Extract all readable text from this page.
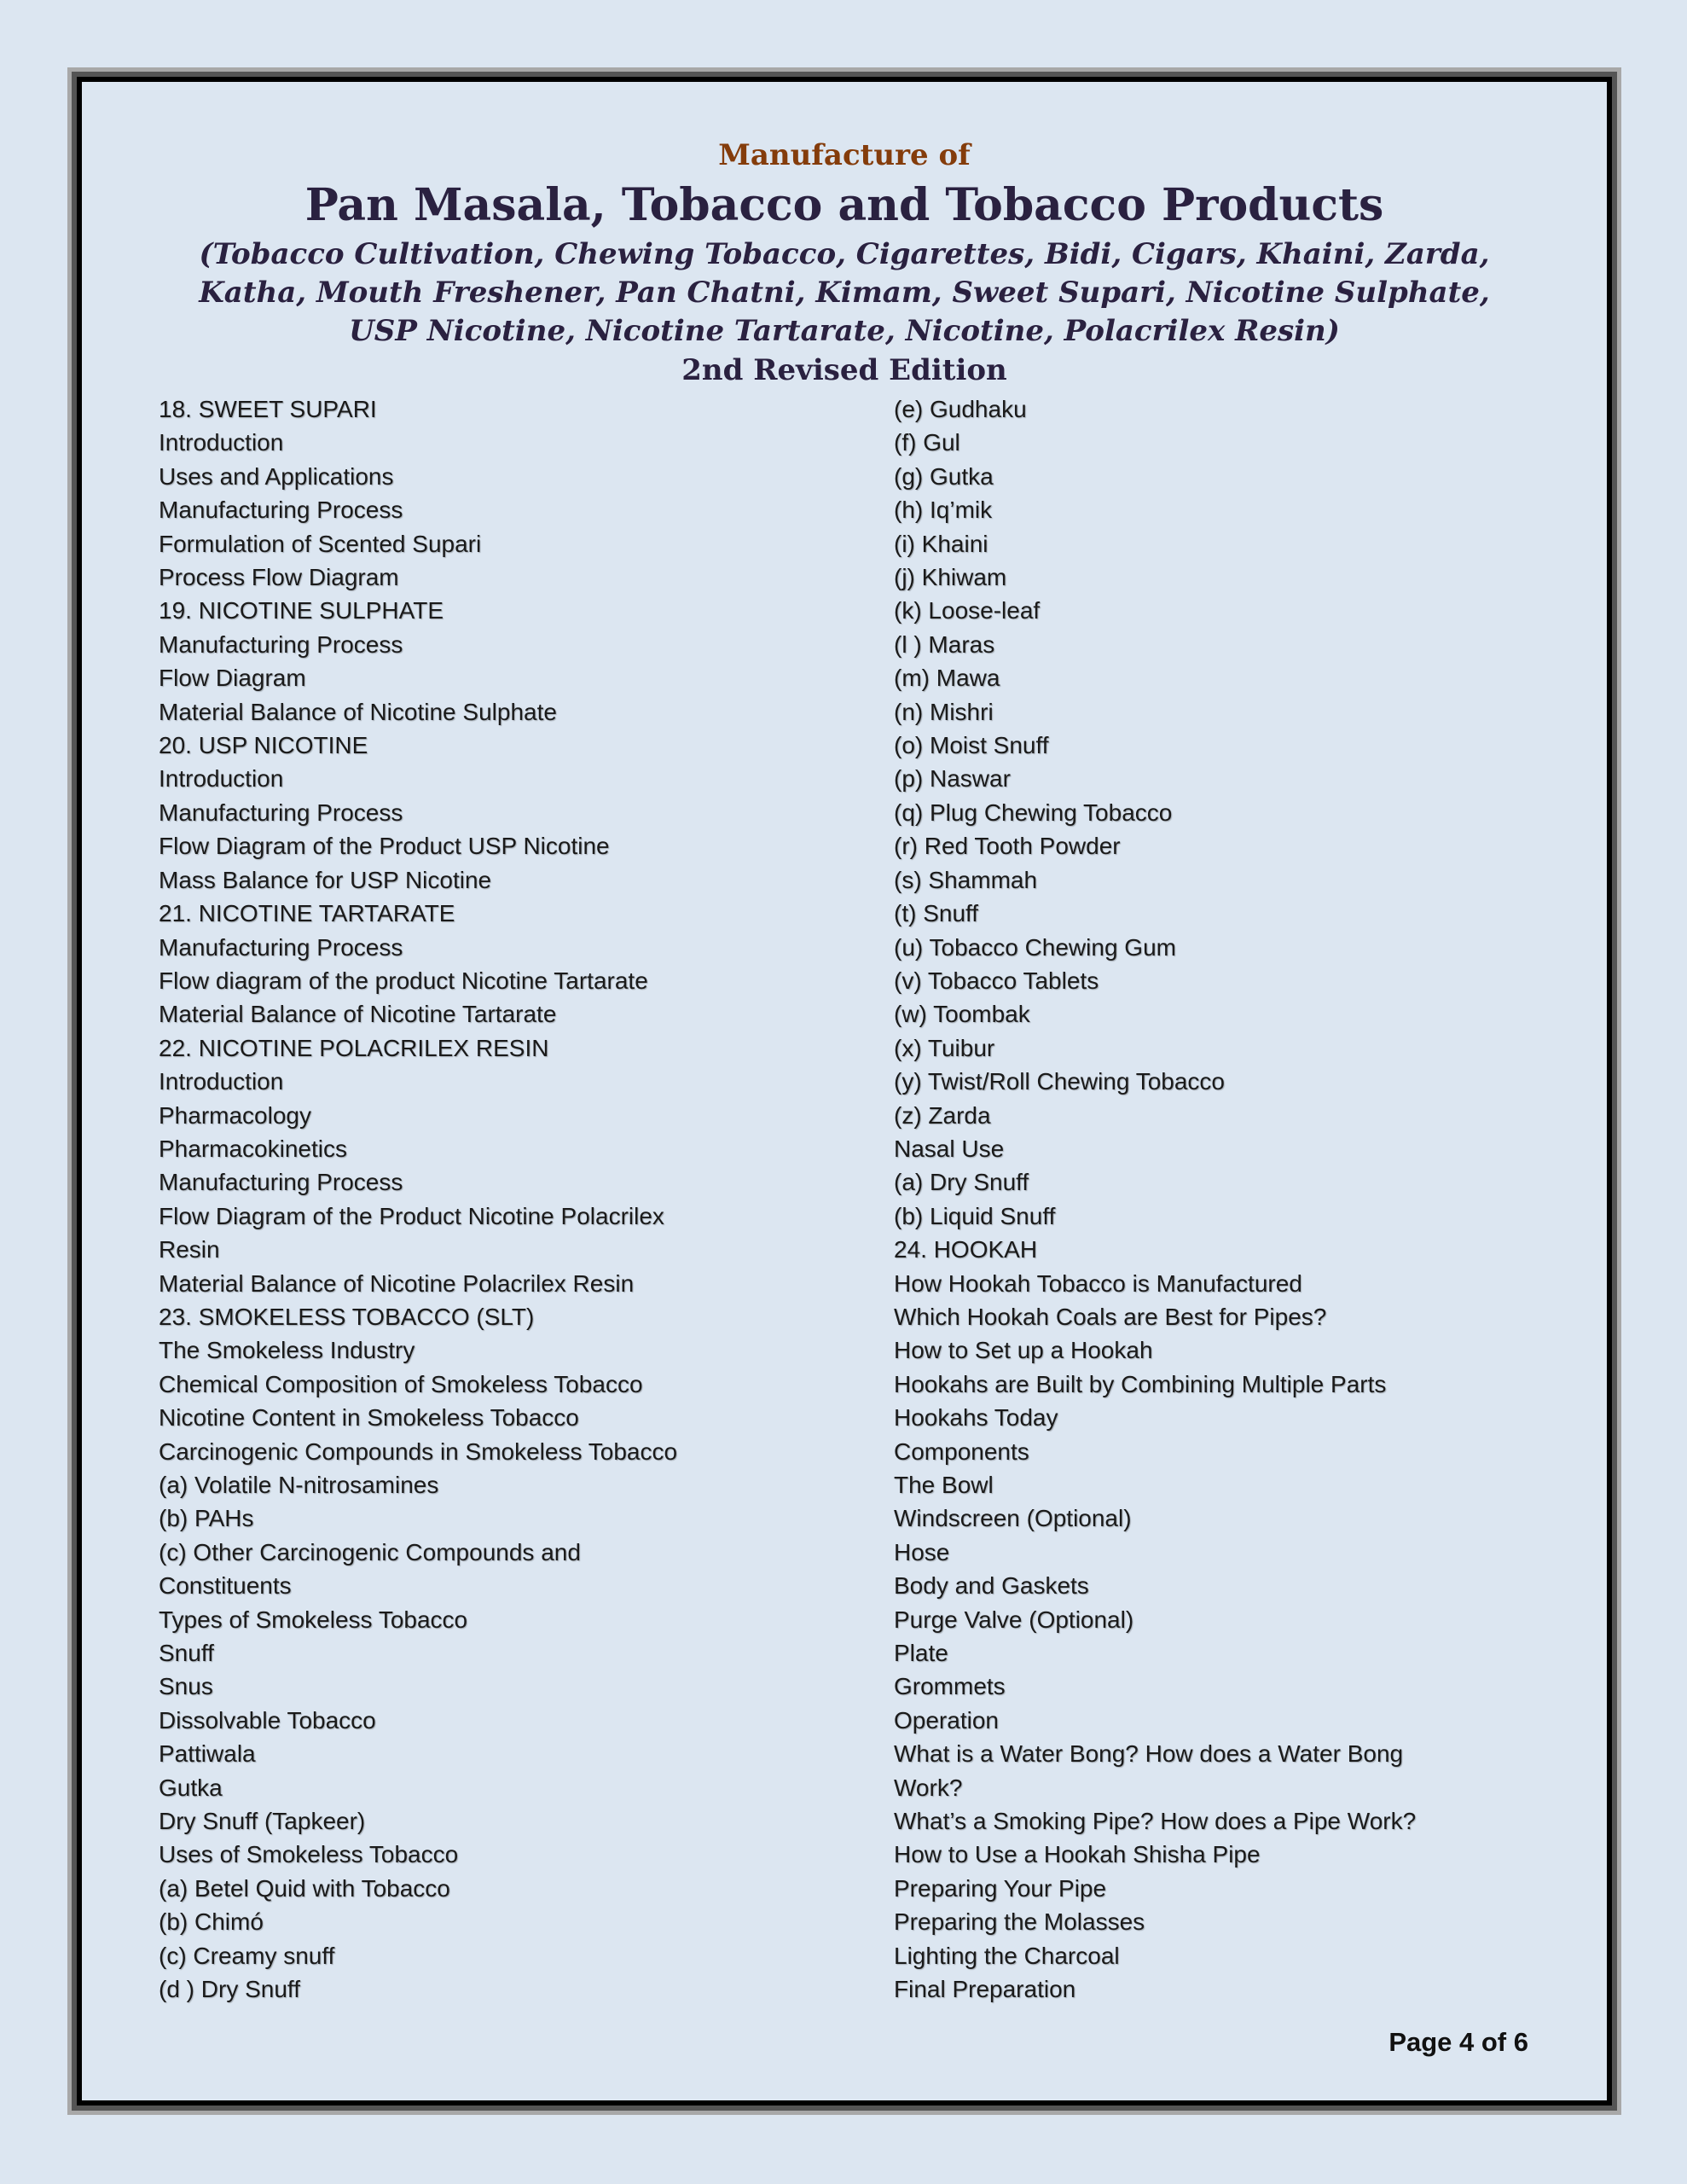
Manufacture of
Pan Masala, Tobacco and Tobacco Products
(Tobacco Cultivation, Chewing Tobacco, Cigarettes, Bidi, Cigars, Khaini, Zarda, Katha, Mouth Freshener, Pan Chatni, Kimam, Sweet Supari, Nicotine Sulphate, USP Nicotine, Nicotine Tartarate, Nicotine, Polacrilex Resin)
2nd Revised Edition
18. SWEET SUPARI
Introduction
Uses and Applications
Manufacturing Process
Formulation of Scented Supari
Process Flow Diagram
19. NICOTINE SULPHATE
Manufacturing Process
Flow Diagram
Material Balance of Nicotine Sulphate
20. USP NICOTINE
Introduction
Manufacturing Process
Flow Diagram of the Product USP Nicotine
Mass Balance for USP Nicotine
21. NICOTINE TARTARATE
Manufacturing Process
Flow diagram of the product Nicotine Tartarate
Material Balance of Nicotine Tartarate
22. NICOTINE POLACRILEX RESIN
Introduction
Pharmacology
Pharmacokinetics
Manufacturing Process
Flow Diagram of the Product Nicotine Polacrilex
Resin
Material Balance of Nicotine Polacrilex Resin
23. SMOKELESS TOBACCO (SLT)
The Smokeless Industry
Chemical Composition of Smokeless Tobacco
Nicotine Content in Smokeless Tobacco
Carcinogenic Compounds in Smokeless Tobacco
(a) Volatile N-nitrosamines
(b) PAHs
(c) Other Carcinogenic Compounds and
Constituents
Types of Smokeless Tobacco
Snuff
Snus
Dissolvable Tobacco
Pattiwala
Gutka
Dry Snuff (Tapkeer)
Uses of Smokeless Tobacco
(a) Betel Quid with Tobacco
(b) Chimó
(c) Creamy snuff
(d ) Dry Snuff
(e) Gudhaku
(f) Gul
(g) Gutka
(h) Iq’mik
(i) Khaini
(j) Khiwam
(k) Loose-leaf
(l ) Maras
(m) Mawa
(n) Mishri
(o) Moist Snuff
(p) Naswar
(q) Plug Chewing Tobacco
(r) Red Tooth Powder
(s) Shammah
(t) Snuff
(u) Tobacco Chewing Gum
(v) Tobacco Tablets
(w) Toombak
(x) Tuibur
(y) Twist/Roll Chewing Tobacco
(z) Zarda
Nasal Use
(a) Dry Snuff
(b) Liquid Snuff
24. HOOKAH
How Hookah Tobacco is Manufactured
Which Hookah Coals are Best for Pipes?
How to Set up a Hookah
Hookahs are Built by Combining Multiple Parts
Hookahs Today
Components
The Bowl
Windscreen (Optional)
Hose
Body and Gaskets
Purge Valve (Optional)
Plate
Grommets
Operation
What is a Water Bong? How does a Water Bong
Work?
What’s a Smoking Pipe? How does a Pipe Work?
How to Use a Hookah Shisha Pipe
Preparing Your Pipe
Preparing the Molasses
Lighting the Charcoal
Final Preparation
Page 4 of 6
